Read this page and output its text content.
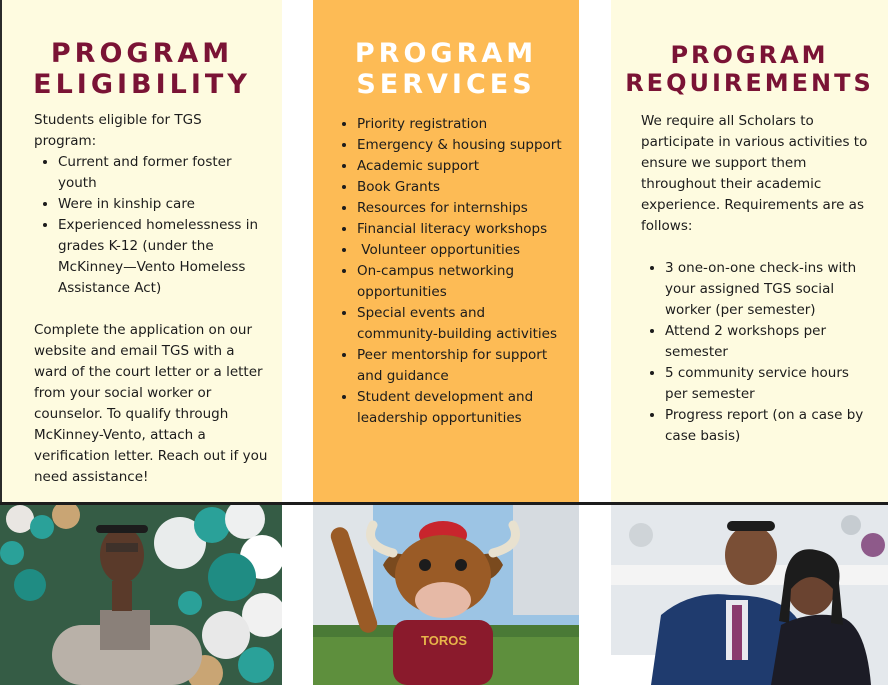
PROGRAM
ELIGIBILITY

Students eligible for TGS program:

• Current and former foster youth
• Were in kinship care
• Experienced homelessness in grades K-12 (under the McKinney—Vento Homeless Assistance Act)

Complete the application on our website and email TGS with a ward of the court letter or a letter from your social worker or counselor. To qualify through McKinney-Vento, attach a verification letter. Reach out if you need assistance!

PROGRAM
SERVICES
• Priority registration
• Emergency & housing support
• Academic support
• Book Grants
• Resources for internships
• Financial literacy workshops
•  Volunteer opportunities
• On-campus networking opportunities
• Special events and community-building activities
• Peer mentorship for support and guidance
• Student development and leadership opportunities
PROGRAM
REQUIREMENTS

We require all Scholars to participate in various activities to ensure we support them throughout their academic experience. Requirements are as follows:

• 3 one-on-one check-ins with your assigned TGS social worker (per semester)
• Attend 2 workshops per semester
• 5 community service hours per semester
• Progress report (on a case by case basis)
TOROS
